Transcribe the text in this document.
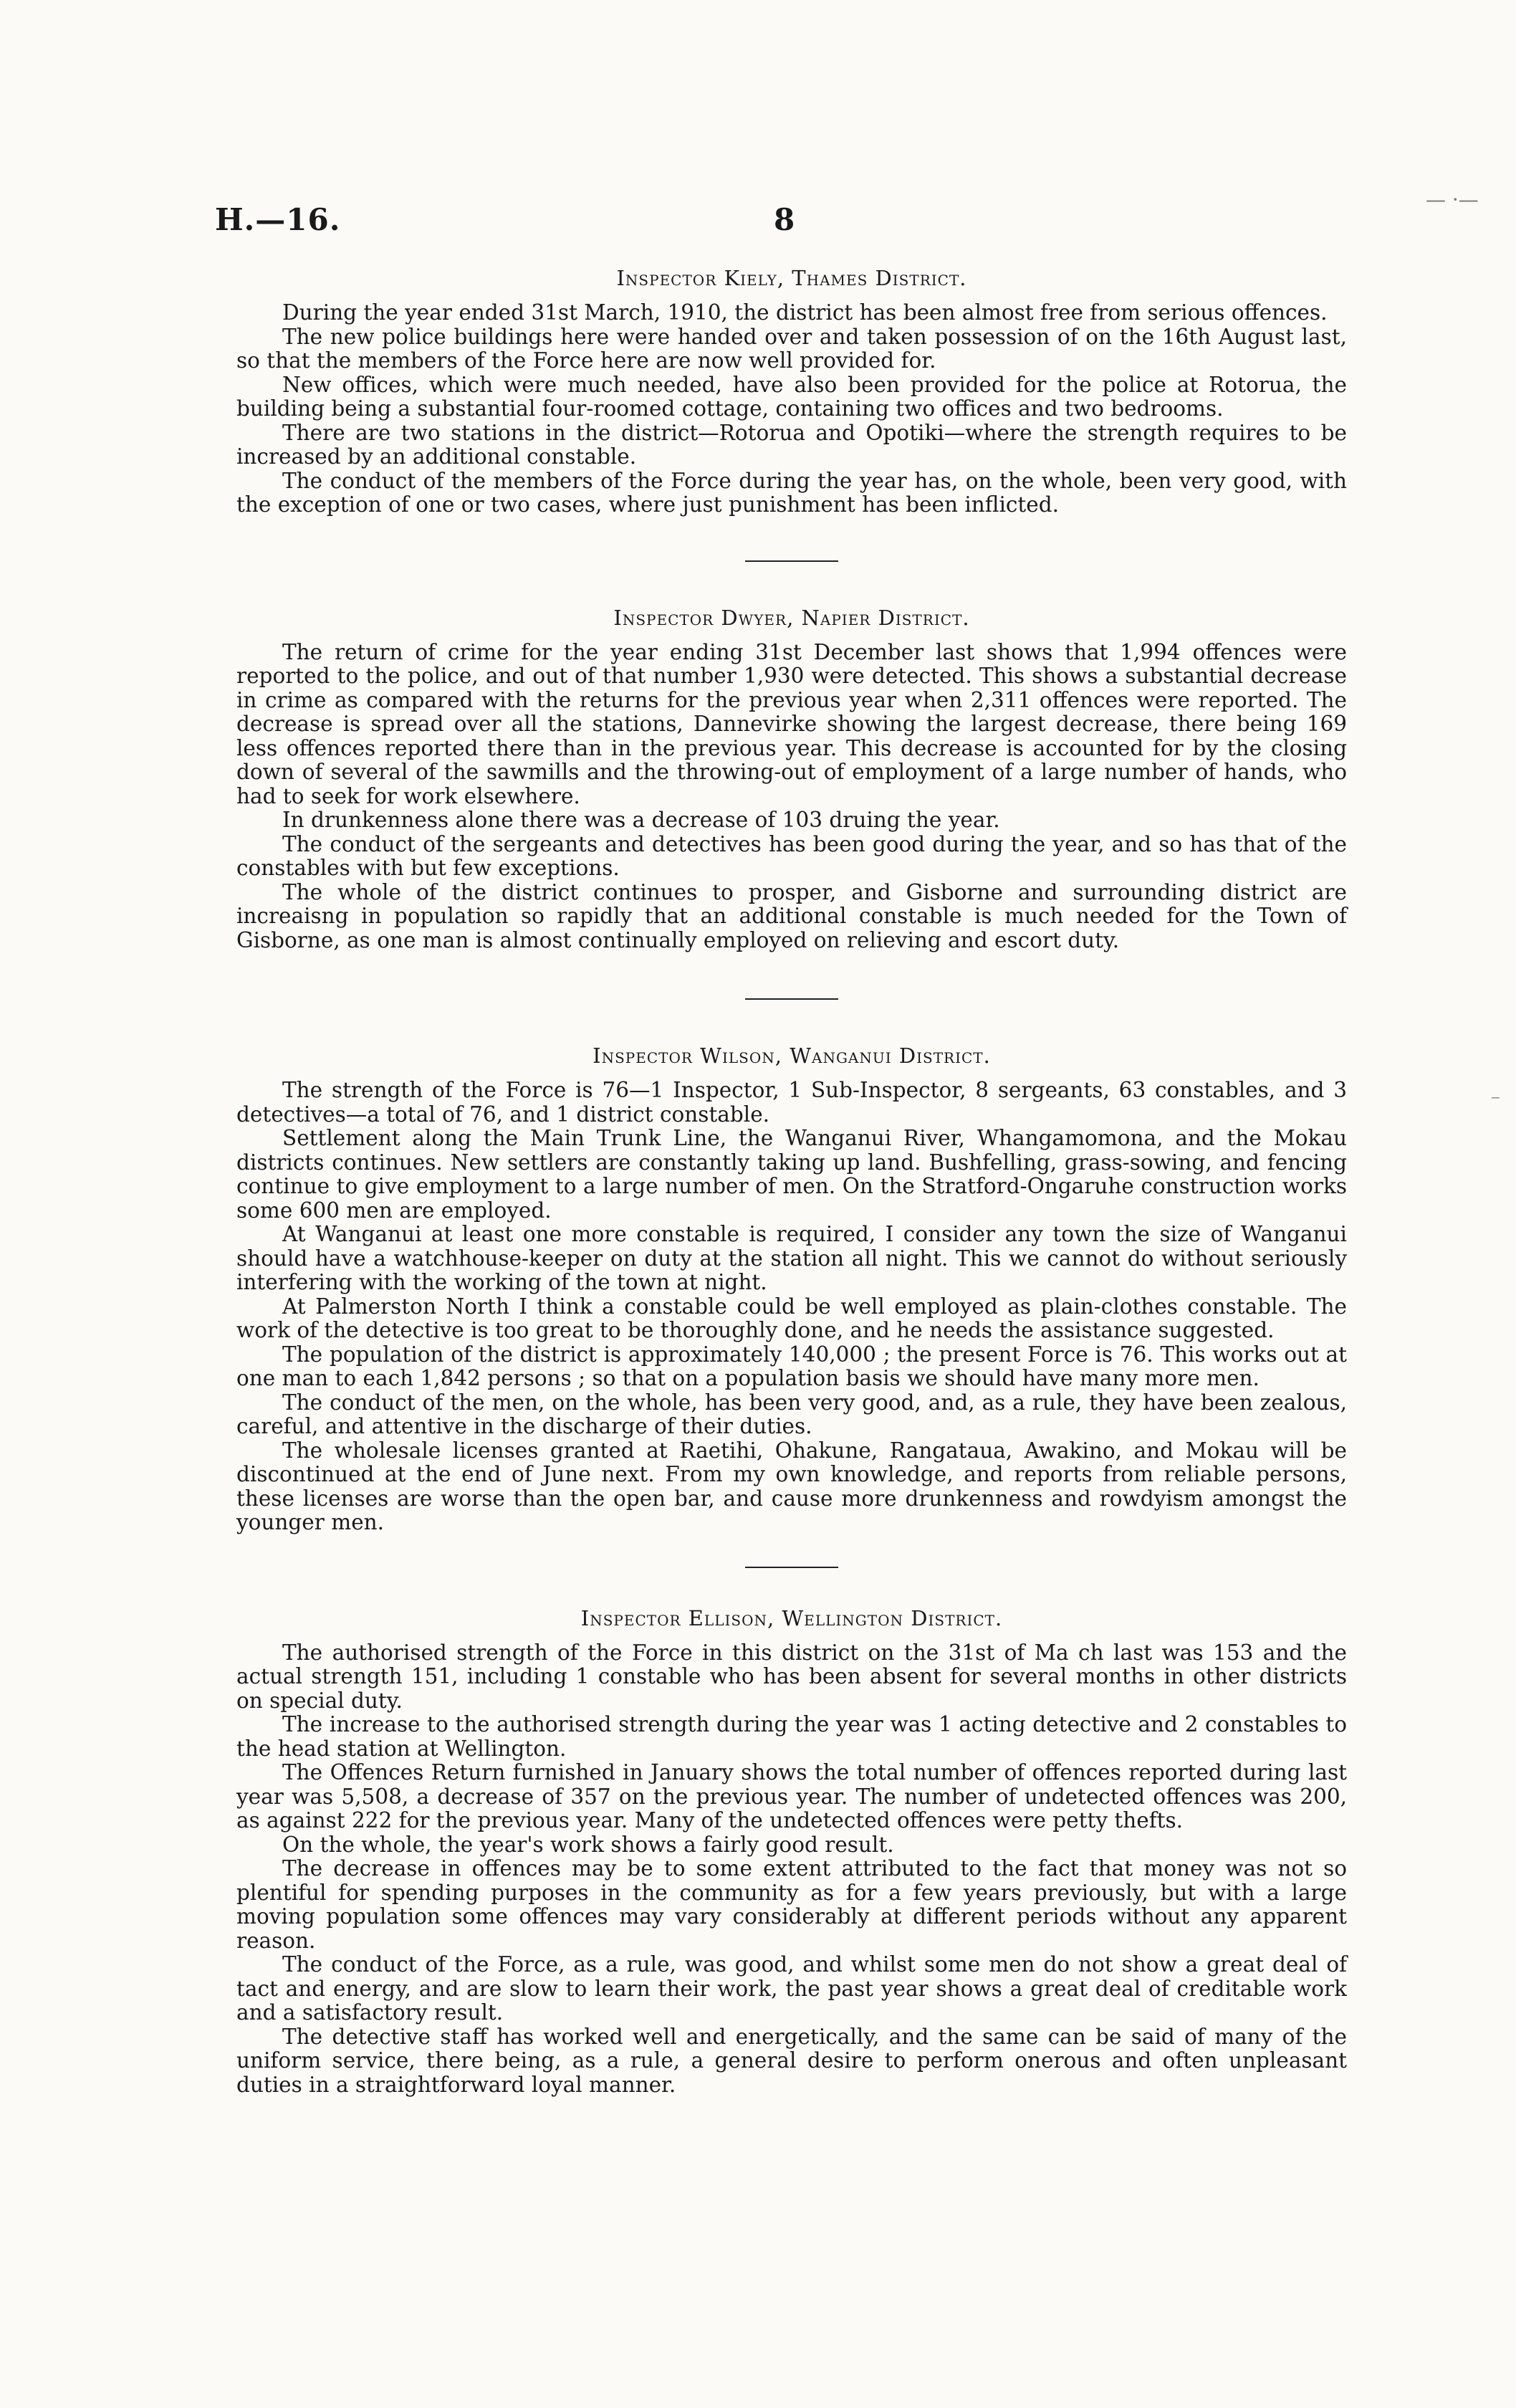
— ·—
⁻
H.—16.	8
Inspector Kiely, Thames District.

During the year ended 31st March, 1910, the district has been almost free from serious offences.

The new police buildings here were handed over and taken possession of on the 16th August last, so that the members of the Force here are now well provided for.

New offices, which were much needed, have also been provided for the police at Rotorua, the building being a substantial four-roomed cottage, containing two offices and two bedrooms.

There are two stations in the district—Rotorua and Opotiki—where the strength requires to be increased by an additional constable.

The conduct of the members of the Force during the year has, on the whole, been very good, with the exception of one or two cases, where just punishment has been inflicted.

Inspector Dwyer, Napier District.

The return of crime for the year ending 31st December last shows that 1,994 offences were reported to the police, and out of that number 1,930 were detected. This shows a substantial decrease in crime as compared with the returns for the previous year when 2,311 offences were reported. The decrease is spread over all the stations, Dannevirke showing the largest decrease, there being 169 less offences reported there than in the previous year. This decrease is accounted for by the closing down of several of the sawmills and the throwing-out of employment of a large number of hands, who had to seek for work elsewhere.

In drunkenness alone there was a decrease of 103 druing the year.

The conduct of the sergeants and detectives has been good during the year, and so has that of the constables with but few exceptions.

The whole of the district continues to prosper, and Gisborne and surrounding district are increaisng in population so rapidly that an additional constable is much needed for the Town of Gisborne, as one man is almost continually employed on relieving and escort duty.

Inspector Wilson, Wanganui District.

The strength of the Force is 76—1 Inspector, 1 Sub-Inspector, 8 sergeants, 63 constables, and 3 detectives—a total of 76, and 1 district constable.

Settlement along the Main Trunk Line, the Wanganui River, Whangamomona, and the Mokau districts continues. New settlers are constantly taking up land. Bushfelling, grass-sowing, and fencing continue to give employment to a large number of men. On the Stratford-Ongaruhe construction works some 600 men are employed.

At Wanganui at least one more constable is required, I consider any town the size of Wanganui should have a watchhouse-keeper on duty at the station all night. This we cannot do without seriously interfering with the working of the town at night.

At Palmerston North I think a constable could be well employed as plain-clothes constable. The work of the detective is too great to be thoroughly done, and he needs the assistance suggested.

The population of the district is approximately 140,000 ; the present Force is 76. This works out at one man to each 1,842 persons ; so that on a population basis we should have many more men.

The conduct of the men, on the whole, has been very good, and, as a rule, they have been zealous, careful, and attentive in the discharge of their duties.

The wholesale licenses granted at Raetihi, Ohakune, Rangataua, Awakino, and Mokau will be discontinued at the end of June next. From my own knowledge, and reports from reliable persons, these licenses are worse than the open bar, and cause more drunkenness and rowdyism amongst the younger men.

Inspector Ellison, Wellington District.

The authorised strength of the Force in this district on the 31st of Ma ch last was 153 and the actual strength 151, including 1 constable who has been absent for several months in other districts on special duty.

The increase to the authorised strength during the year was 1 acting detective and 2 constables to the head station at Wellington.

The Offences Return furnished in January shows the total number of offences reported during last year was 5,508, a decrease of 357 on the previous year. The number of undetected offences was 200, as against 222 for the previous year. Many of the undetected offences were petty thefts.

On the whole, the year's work shows a fairly good result.

The decrease in offences may be to some extent attributed to the fact that money was not so plentiful for spending purposes in the community as for a few years previously, but with a large moving population some offences may vary considerably at different periods without any apparent reason.

The conduct of the Force, as a rule, was good, and whilst some men do not show a great deal of tact and energy, and are slow to learn their work, the past year shows a great deal of creditable work and a satisfactory result.

The detective staff has worked well and energetically, and the same can be said of many of the uniform service, there being, as a rule, a general desire to perform onerous and often unpleasant duties in a straightforward loyal manner.
